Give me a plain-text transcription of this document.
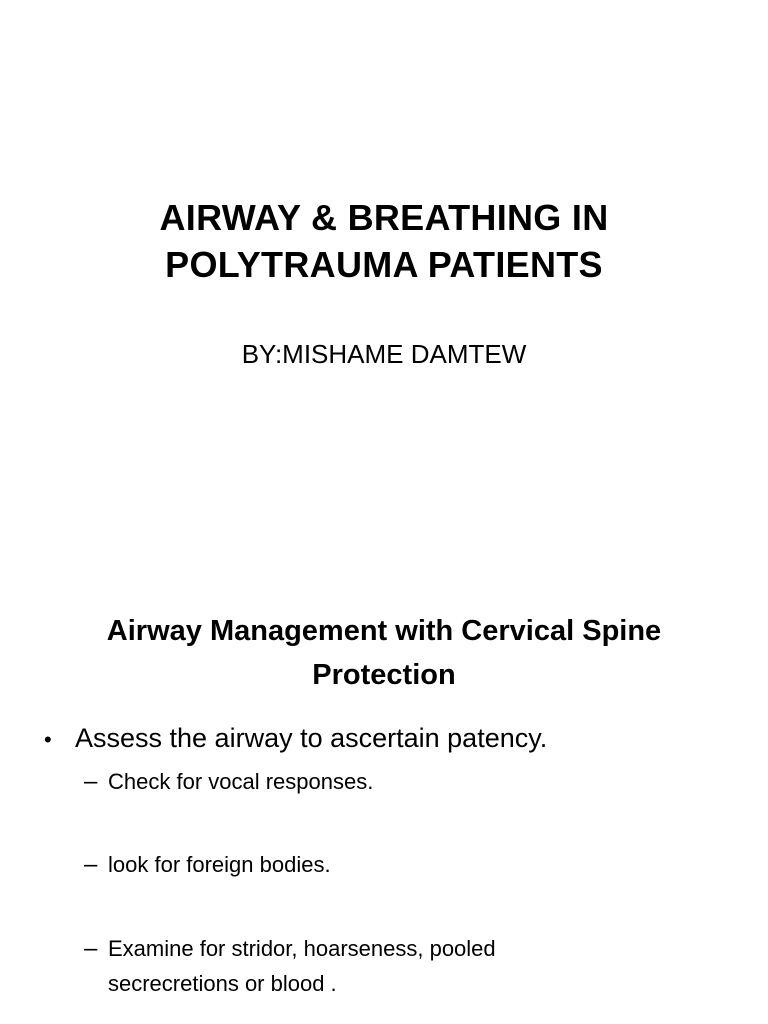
AIRWAY & BREATHING IN
POLYTRAUMA PATIENTS

BY:MISHAME DAMTEW

Airway Management with Cervical Spine
Protection
• Assess the airway to ascertain patency.
– Check for vocal responses.
– look for foreign bodies.
– Examine for stridor, hoarseness, pooled
secrecretions or blood .
